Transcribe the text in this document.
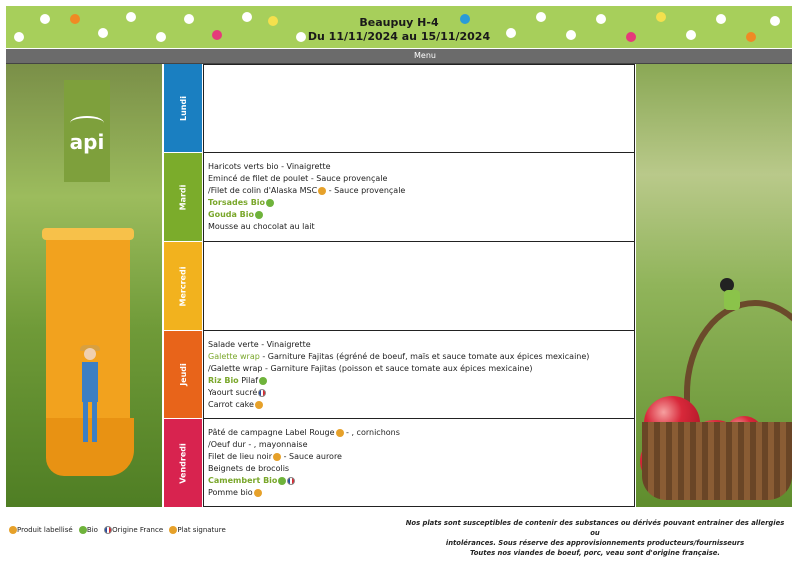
Beaupuy H-4
Du 11/11/2024 au 15/11/2024
Menu
api
Lundi
Mardi
Mercredi
Jeudi
Vendredi
Haricots verts bio - Vinaigrette
Emincé de filet de poulet - Sauce provençale
/Filet de colin d'Alaska MSC - Sauce provençale
Torsades Bio
Gouda Bio
Mousse au chocolat au lait
Salade verte - Vinaigrette
Galette wrap - Garniture Fajitas (égréné de boeuf, maïs et sauce tomate aux épices mexicaine)
/Galette wrap - Garniture Fajitas (poisson et sauce tomate aux épices mexicaine)
Riz Bio Pilaf
Yaourt sucré
Carrot cake
Pâté de campagne Label Rouge - , cornichons
/Oeuf dur - , mayonnaise
Filet de lieu noir - Sauce aurore
Beignets de brocolis
Camembert Bio
Pomme bio
Produit labellisé Bio Origine France Plat signature
Nos plats sont susceptibles de contenir des substances ou dérivés pouvant entrainer des allergies ou
intolérances. Sous réserve des approvisionnements producteurs/fournisseurs
Toutes nos viandes de boeuf, porc, veau sont d'origine française.
